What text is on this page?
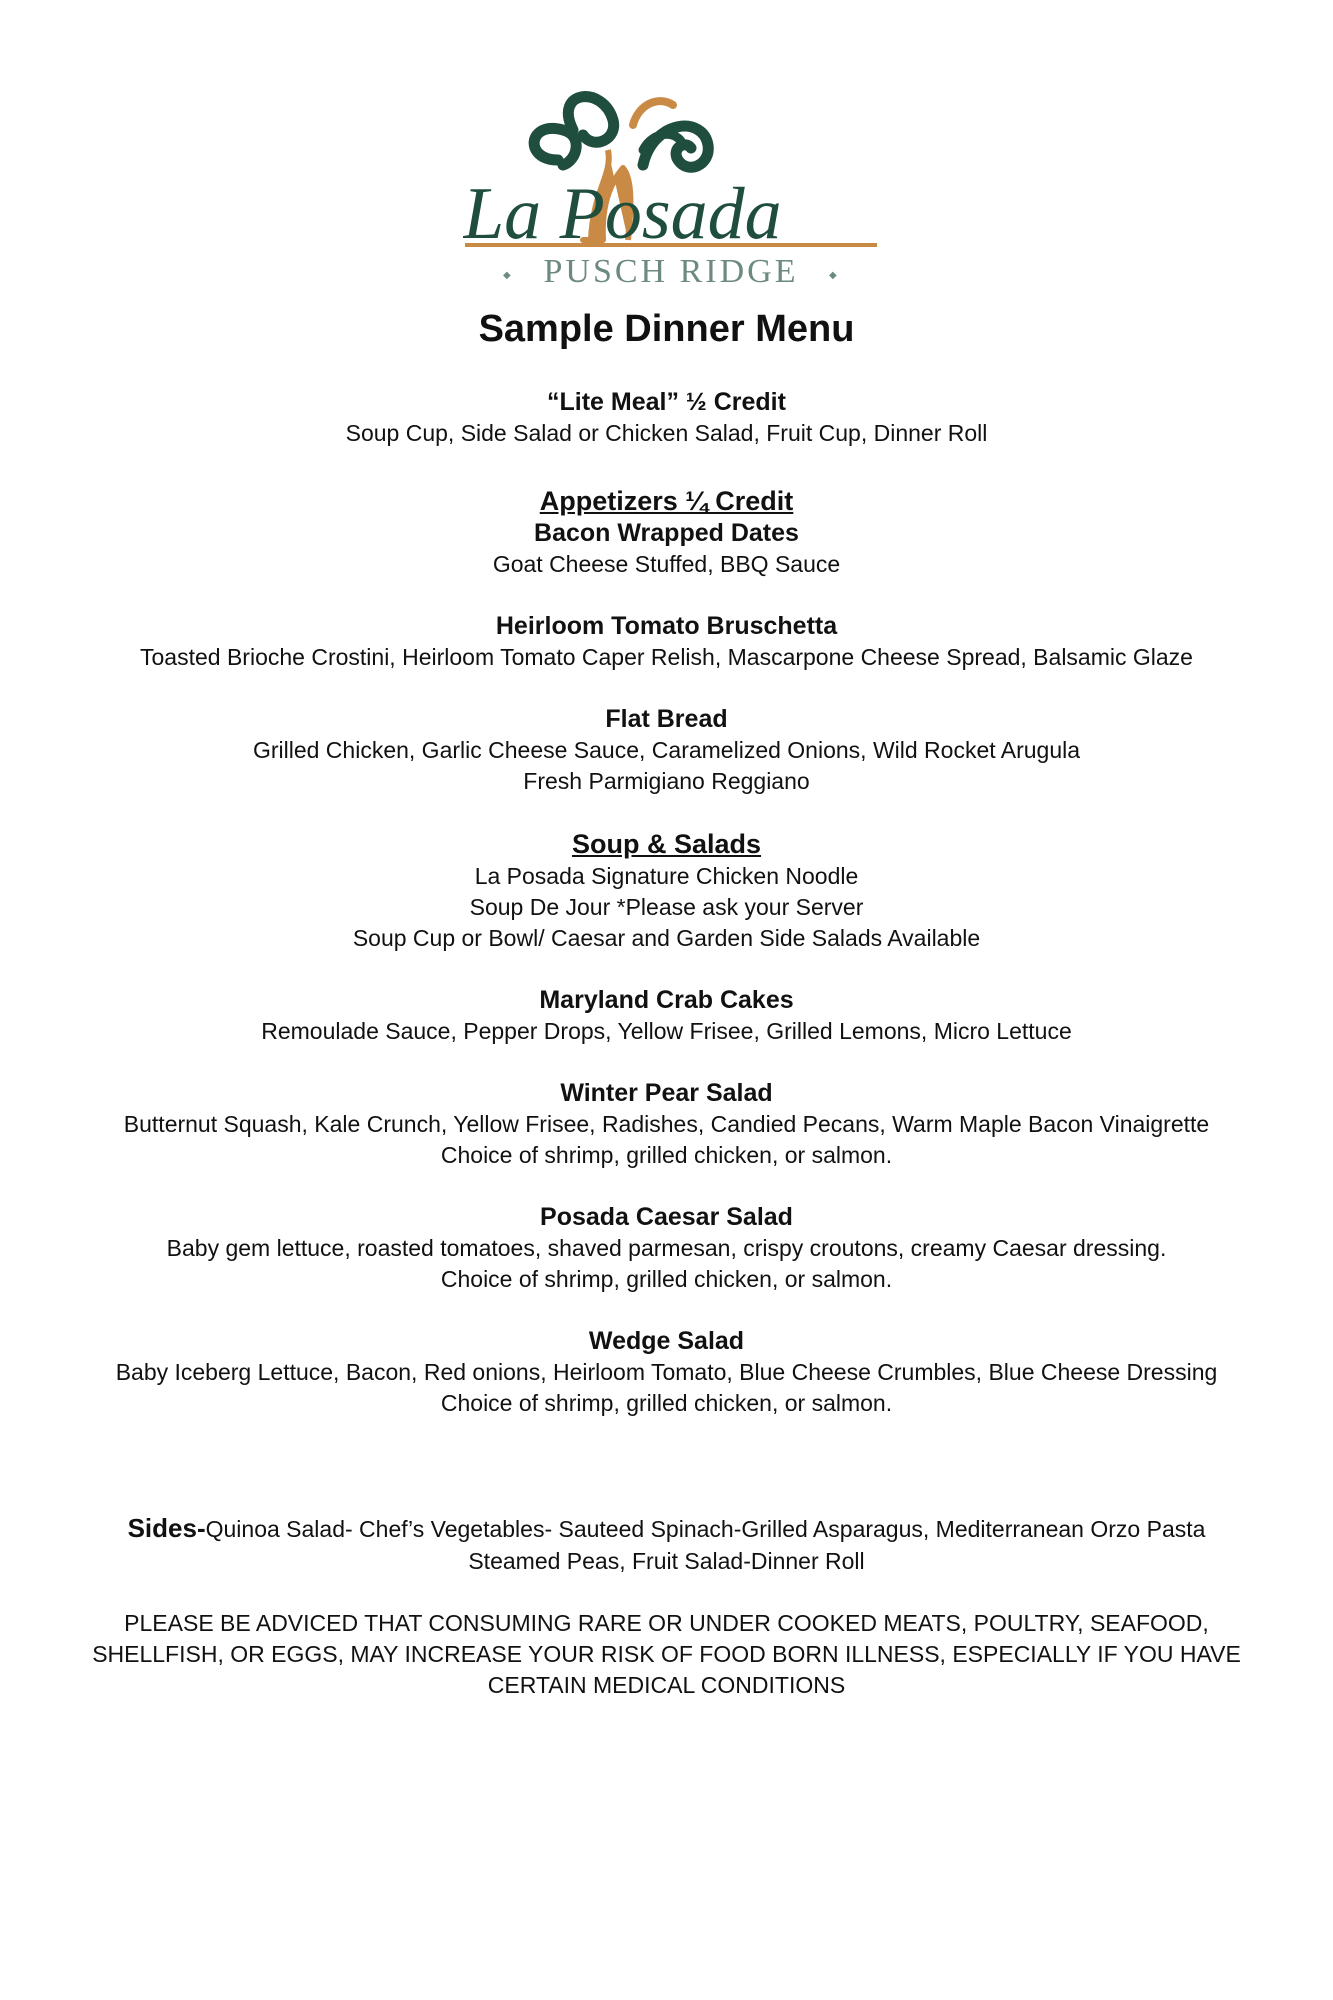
La Posada
◆ PUSCH RIDGE	◆
Sample Dinner Menu
“Lite Meal” ½ Credit
Soup Cup, Side Salad or Chicken Salad, Fruit Cup, Dinner Roll
Appetizers ¼ Credit
Bacon Wrapped Dates
Goat Cheese Stuffed, BBQ Sauce
Heirloom Tomato Bruschetta
Toasted Brioche Crostini, Heirloom Tomato Caper Relish, Mascarpone Cheese Spread, Balsamic Glaze
Flat Bread
Grilled Chicken, Garlic Cheese Sauce, Caramelized Onions, Wild Rocket Arugula
Fresh Parmigiano Reggiano
Soup & Salads
La Posada Signature Chicken Noodle
Soup De Jour *Please ask your Server
Soup Cup or Bowl/ Caesar and Garden Side Salads Available
Maryland Crab Cakes
Remoulade Sauce, Pepper Drops, Yellow Frisee, Grilled Lemons, Micro Lettuce
Winter Pear Salad
Butternut Squash, Kale Crunch, Yellow Frisee, Radishes, Candied Pecans, Warm Maple Bacon Vinaigrette
Choice of shrimp, grilled chicken, or salmon.
Posada Caesar Salad
Baby gem lettuce, roasted tomatoes, shaved parmesan, crispy croutons, creamy Caesar dressing.
Choice of shrimp, grilled chicken, or salmon.
Wedge Salad
Baby Iceberg Lettuce, Bacon, Red onions, Heirloom Tomato, Blue Cheese Crumbles, Blue Cheese Dressing
Choice of shrimp, grilled chicken, or salmon.
Sides-Quinoa Salad- Chef’s Vegetables- Sauteed Spinach-Grilled Asparagus, Mediterranean Orzo Pasta
Steamed Peas, Fruit Salad-Dinner Roll
PLEASE BE ADVICED THAT CONSUMING RARE OR UNDER COOKED MEATS, POULTRY, SEAFOOD,
SHELLFISH, OR EGGS, MAY INCREASE YOUR RISK OF FOOD BORN ILLNESS, ESPECIALLY IF YOU HAVE
CERTAIN MEDICAL CONDITIONS
